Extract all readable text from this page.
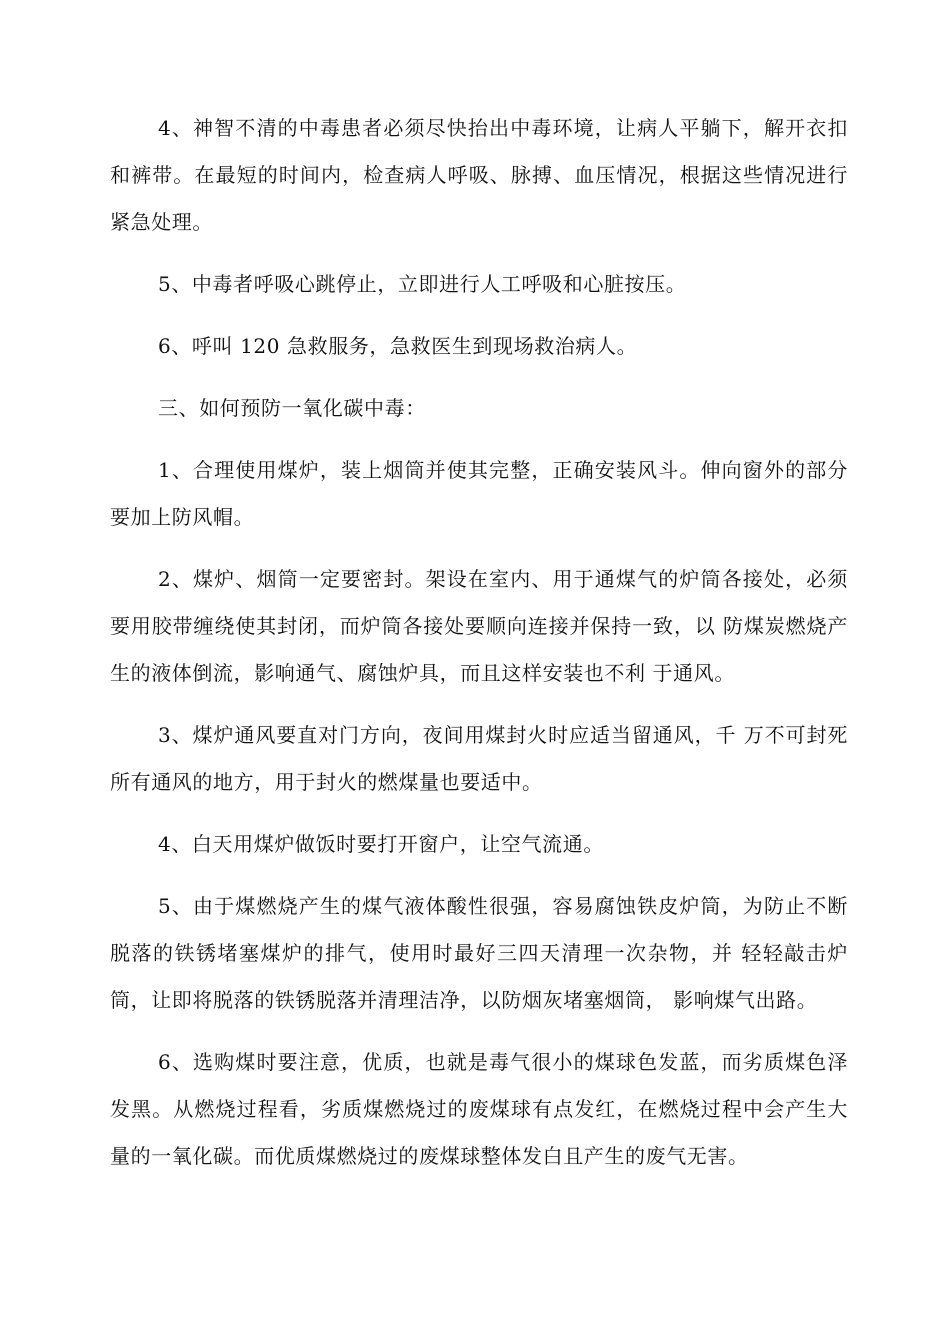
4、神智不清的中毒患者必须尽快抬出中毒环境，让病人平躺下，解开衣扣和裤带。在最短的时间内，检查病人呼吸、脉搏、血压情况，根据这些情况进行紧急处理。

5、中毒者呼吸心跳停止，立即进行人工呼吸和心脏按压。

6、呼叫 120 急救服务，急救医生到现场救治病人。

三、如何预防一氧化碳中毒：

1、合理使用煤炉，装上烟筒并使其完整，正确安装风斗。伸向窗外的部分要加上防风帽。

2、煤炉、烟筒一定要密封。架设在室内、用于通煤气的炉筒各接处，必须要用胶带缠绕使其封闭，而炉筒各接处要顺向连接并保持一致，以 防煤炭燃烧产生的液体倒流，影响通气、腐蚀炉具，而且这样安装也不利 于通风。

3、煤炉通风要直对门方向，夜间用煤封火时应适当留通风，千 万不可封死所有通风的地方，用于封火的燃煤量也要适中。

4、白天用煤炉做饭时要打开窗户，让空气流通。

5、由于煤燃烧产生的煤气液体酸性很强，容易腐蚀铁皮炉筒，为防止不断脱落的铁锈堵塞煤炉的排气，使用时最好三四天清理一次杂物，并 轻轻敲击炉筒，让即将脱落的铁锈脱落并清理洁净，以防烟灰堵塞烟筒， 影响煤气出路。

6、选购煤时要注意，优质，也就是毒气很小的煤球色发蓝，而劣质煤色泽发黑。从燃烧过程看，劣质煤燃烧过的废煤球有点发红，在燃烧过程中会产生大量的一氧化碳。而优质煤燃烧过的废煤球整体发白且产生的废气无害。
